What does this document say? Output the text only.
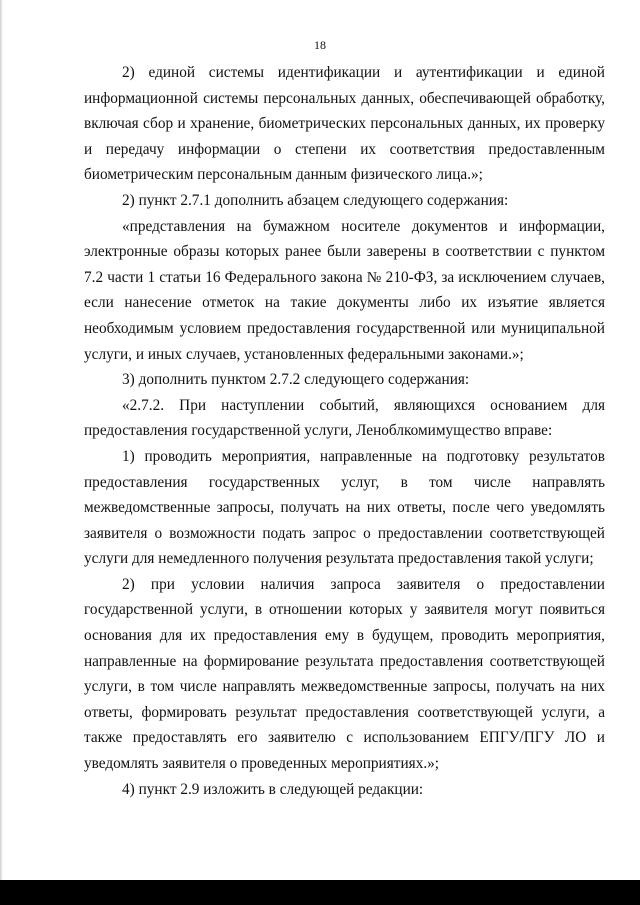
18

2) единой системы идентификации и аутентификации и единой информационной системы персональных данных, обеспечивающей обработку, включая сбор и хранение, биометрических персональных данных, их проверку и передачу информации о степени их соответствия предоставленным биометрическим персональным данным физического лица.»;

2) пункт 2.7.1 дополнить абзацем следующего содержания:

«представления на бумажном носителе документов и информации, электронные образы которых ранее были заверены в соответствии с пунктом 7.2 части 1 статьи 16 Федерального закона № 210-ФЗ, за исключением случаев, если нанесение отметок на такие документы либо их изъятие является необходимым условием предоставления государственной или муниципальной услуги, и иных случаев, установленных федеральными законами.»;

3) дополнить пунктом 2.7.2 следующего содержания:

«2.7.2. При наступлении событий, являющихся основанием для предоставления государственной услуги, Леноблкомимущество вправе:

1) проводить мероприятия, направленные на подготовку результатов предоставления государственных услуг, в том числе направлять межведомственные запросы, получать на них ответы, после чего уведомлять заявителя о возможности подать запрос о предоставлении соответствующей услуги для немедленного получения результата предоставления такой услуги;

2) при условии наличия запроса заявителя о предоставлении государственной услуги, в отношении которых у заявителя могут появиться основания для их предоставления ему в будущем, проводить мероприятия, направленные на формирование результата предоставления соответствующей услуги, в том числе направлять межведомственные запросы, получать на них ответы, формировать результат предоставления соответствующей услуги, а также предоставлять его заявителю с использованием ЕПГУ/ПГУ ЛО и уведомлять заявителя о проведенных мероприятиях.»;

4) пункт 2.9 изложить в следующей редакции:
